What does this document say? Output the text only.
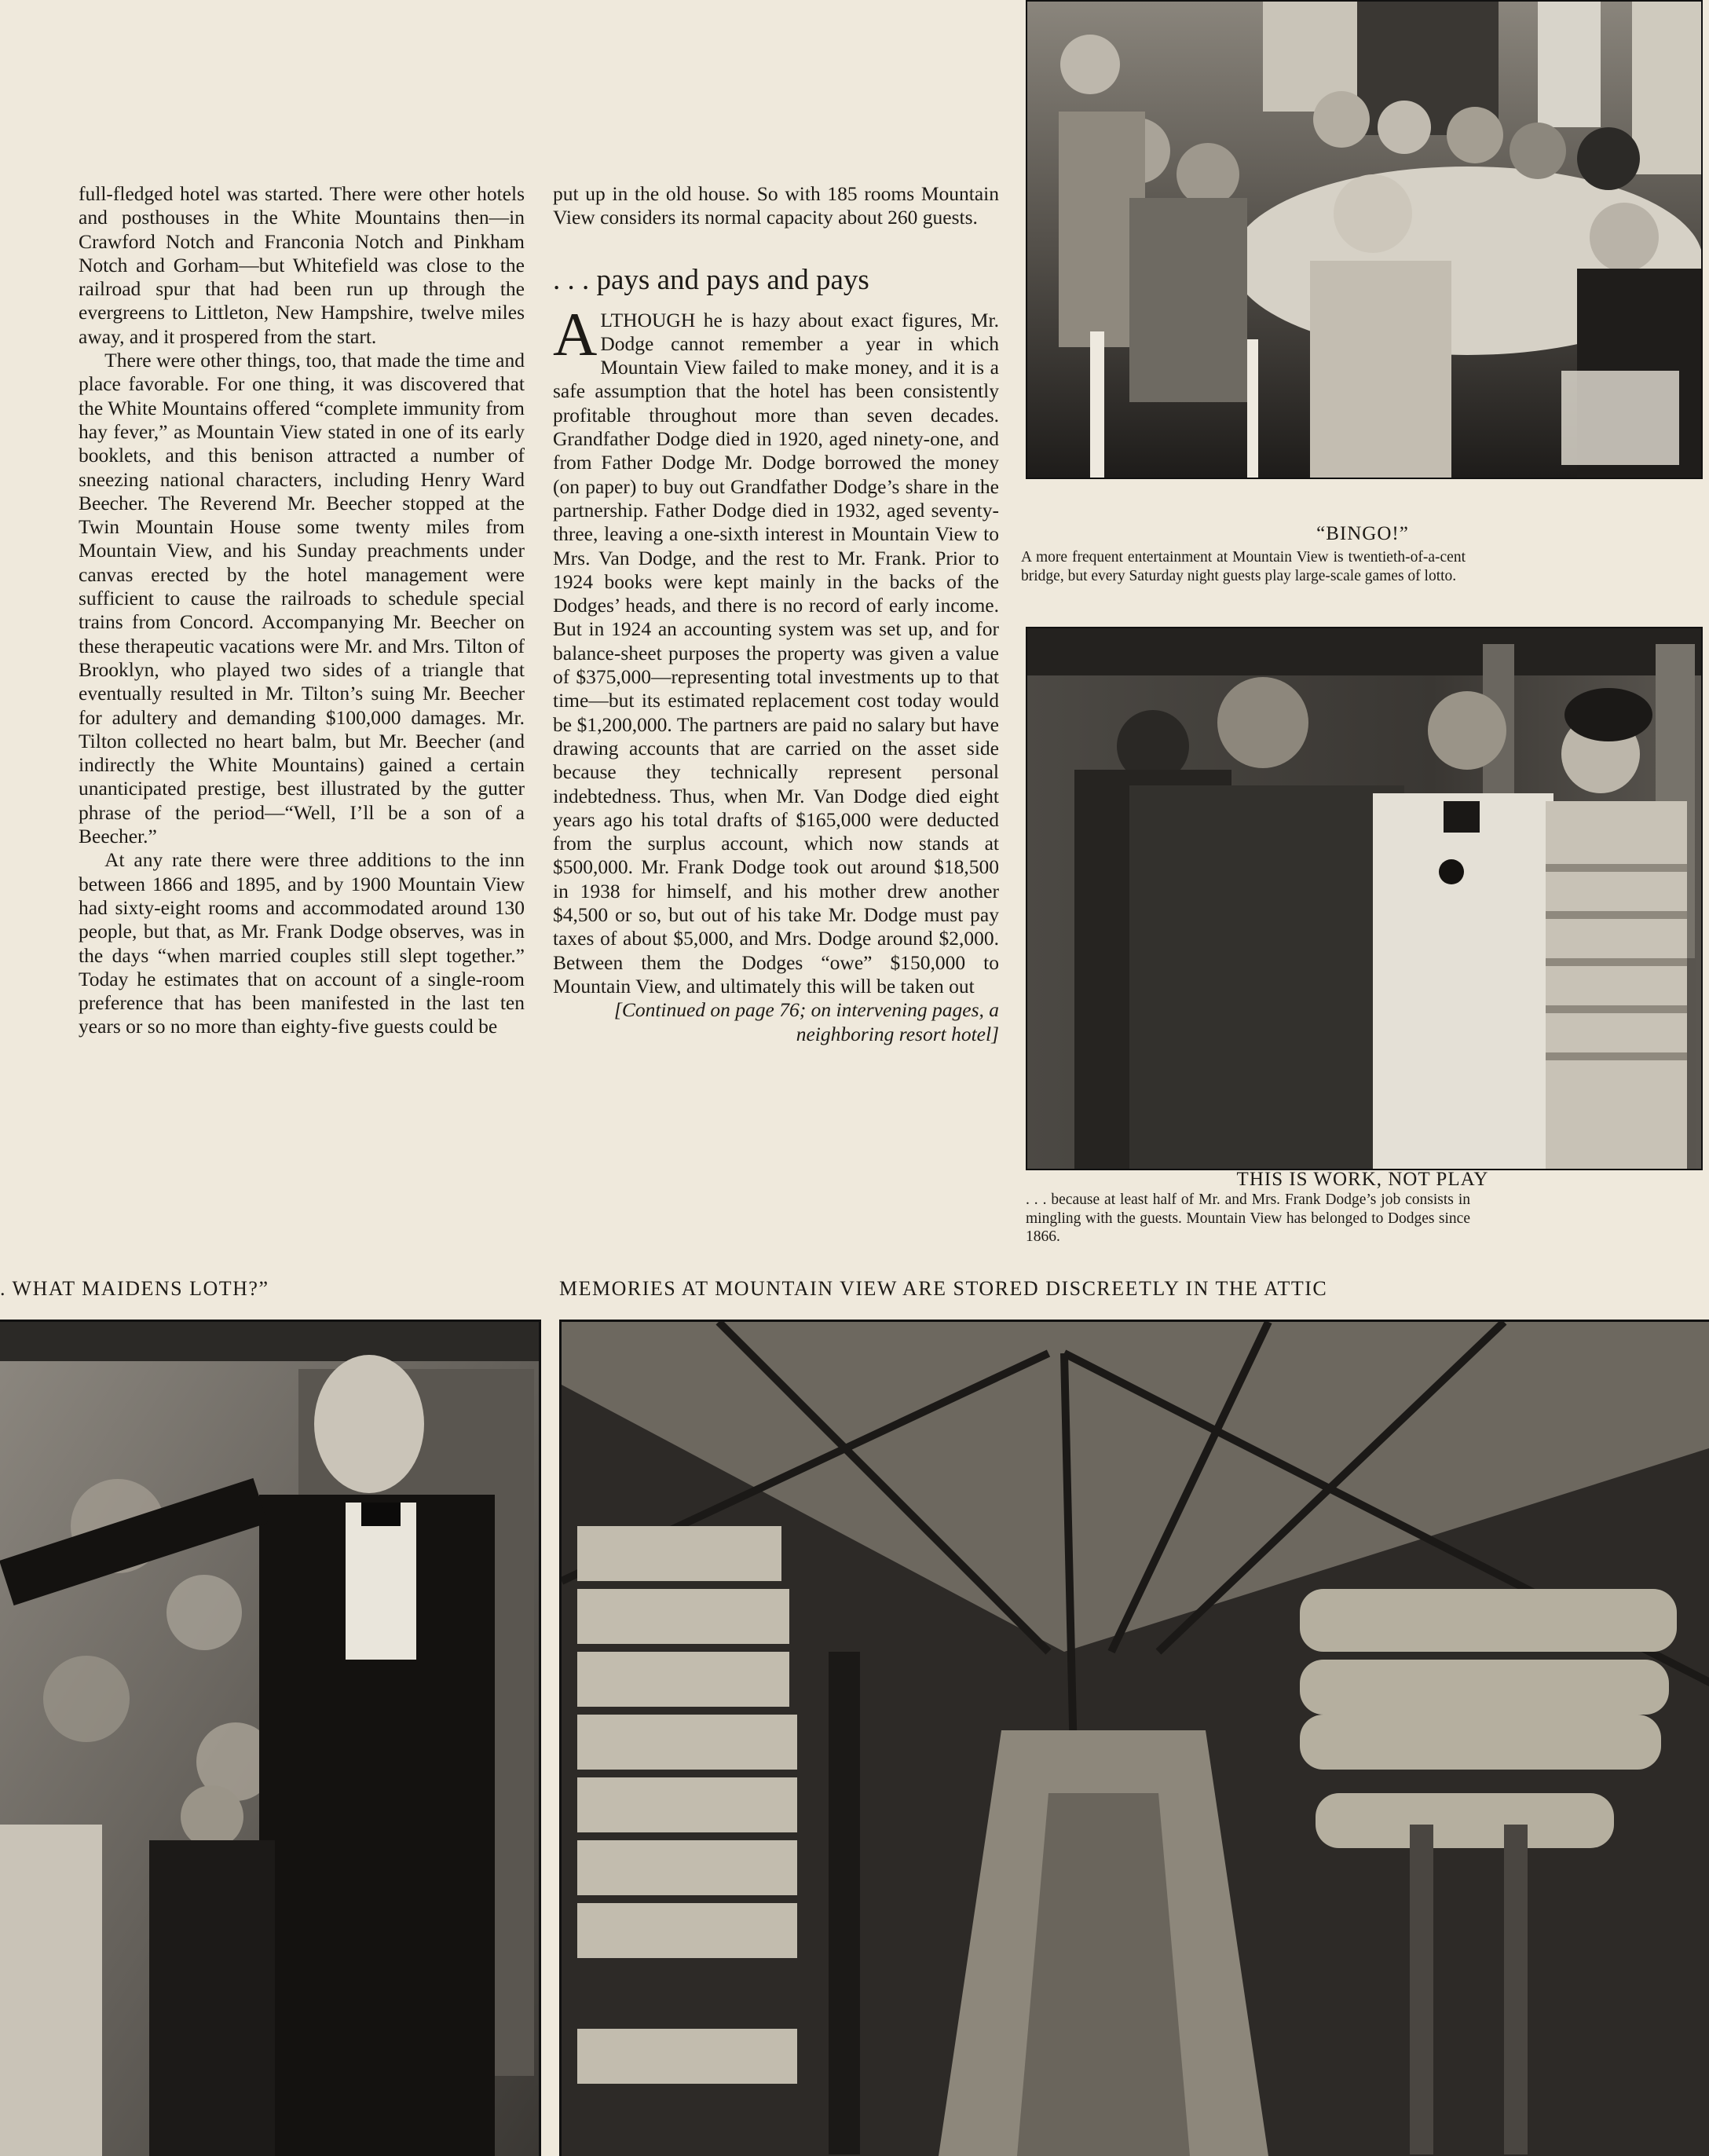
full-fledged hotel was started. There were other hotels and posthouses in the White Mountains then—in Crawford Notch and Franconia Notch and Pinkham Notch and Gorham—but Whitefield was close to the railroad spur that had been run up through the evergreens to Littleton, New Hampshire, twelve miles away, and it prospered from the start.

There were other things, too, that made the time and place favorable. For one thing, it was discovered that the White Mountains offered “complete immunity from hay fever,” as Mountain View stated in one of its early booklets, and this benison attracted a number of sneezing national characters, including Henry Ward Beecher. The Reverend Mr. Beecher stopped at the Twin Mountain House some twenty miles from Mountain View, and his Sunday preachments under canvas erected by the hotel management were sufficient to cause the railroads to schedule special trains from Concord. Accompanying Mr. Beecher on these therapeutic vacations were Mr. and Mrs. Tilton of Brooklyn, who played two sides of a triangle that eventually resulted in Mr. Tilton’s suing Mr. Beecher for adultery and demanding $100,000 damages. Mr. Tilton collected no heart balm, but Mr. Beecher (and indirectly the White Mountains) gained a certain unanticipated prestige, best illustrated by the gutter phrase of the period—“Well, I’ll be a son of a Beecher.”

At any rate there were three additions to the inn between 1866 and 1895, and by 1900 Mountain View had sixty-eight rooms and accommodated around 130 people, but that, as Mr. Frank Dodge observes, was in the days “when married couples still slept together.” Today he estimates that on account of a single-room preference that has been manifested in the last ten years or so no more than eighty-five guests could be

put up in the old house. So with 185 rooms Mountain View considers its normal capacity about 260 guests.

. . . pays and pays and pays

ALTHOUGH he is hazy about exact figures, Mr. Dodge cannot remember a year in which Mountain View failed to make money, and it is a safe assumption that the hotel has been consistently profitable throughout more than seven decades. Grandfather Dodge died in 1920, aged ninety-one, and from Father Dodge Mr. Dodge borrowed the money (on paper) to buy out Grandfather Dodge’s share in the partnership. Father Dodge died in 1932, aged seventy-three, leaving a one-sixth interest in Mountain View to Mrs. Van Dodge, and the rest to Mr. Frank. Prior to 1924 books were kept mainly in the backs of the Dodges’ heads, and there is no record of early income. But in 1924 an accounting system was set up, and for balance-sheet purposes the property was given a value of $375,000—representing total investments up to that time—but its estimated replacement cost today would be $1,200,000. The partners are paid no salary but have drawing accounts that are carried on the asset side because they technically represent personal indebtedness. Thus, when Mr. Van Dodge died eight years ago his total drafts of $165,000 were deducted from the surplus account, which now stands at $500,000. Mr. Frank Dodge took out around $18,500 in 1938 for himself, and his mother drew another $4,500 or so, but out of his take Mr. Dodge must pay taxes of about $5,000, and Mrs. Dodge around $2,000. Between them the Dodges “owe” $150,000 to Mountain View, and ultimately this will be taken out

[Continued on page 76; on intervening pages, a neighboring resort hotel]

“BINGO!”
A more frequent entertainment at Mountain View is twentieth-of-a-cent bridge, but every Saturday night guests play large-scale games of lotto.
THIS IS WORK, NOT PLAY
. . . because at least half of Mr. and Mrs. Frank Dodge’s job consists in mingling with the guests. Mountain View has belonged to Dodges since 1866.
. WHAT MAIDENS LOTH?”	MEMORIES AT MOUNTAIN VIEW ARE STORED DISCREETLY IN THE ATTIC
